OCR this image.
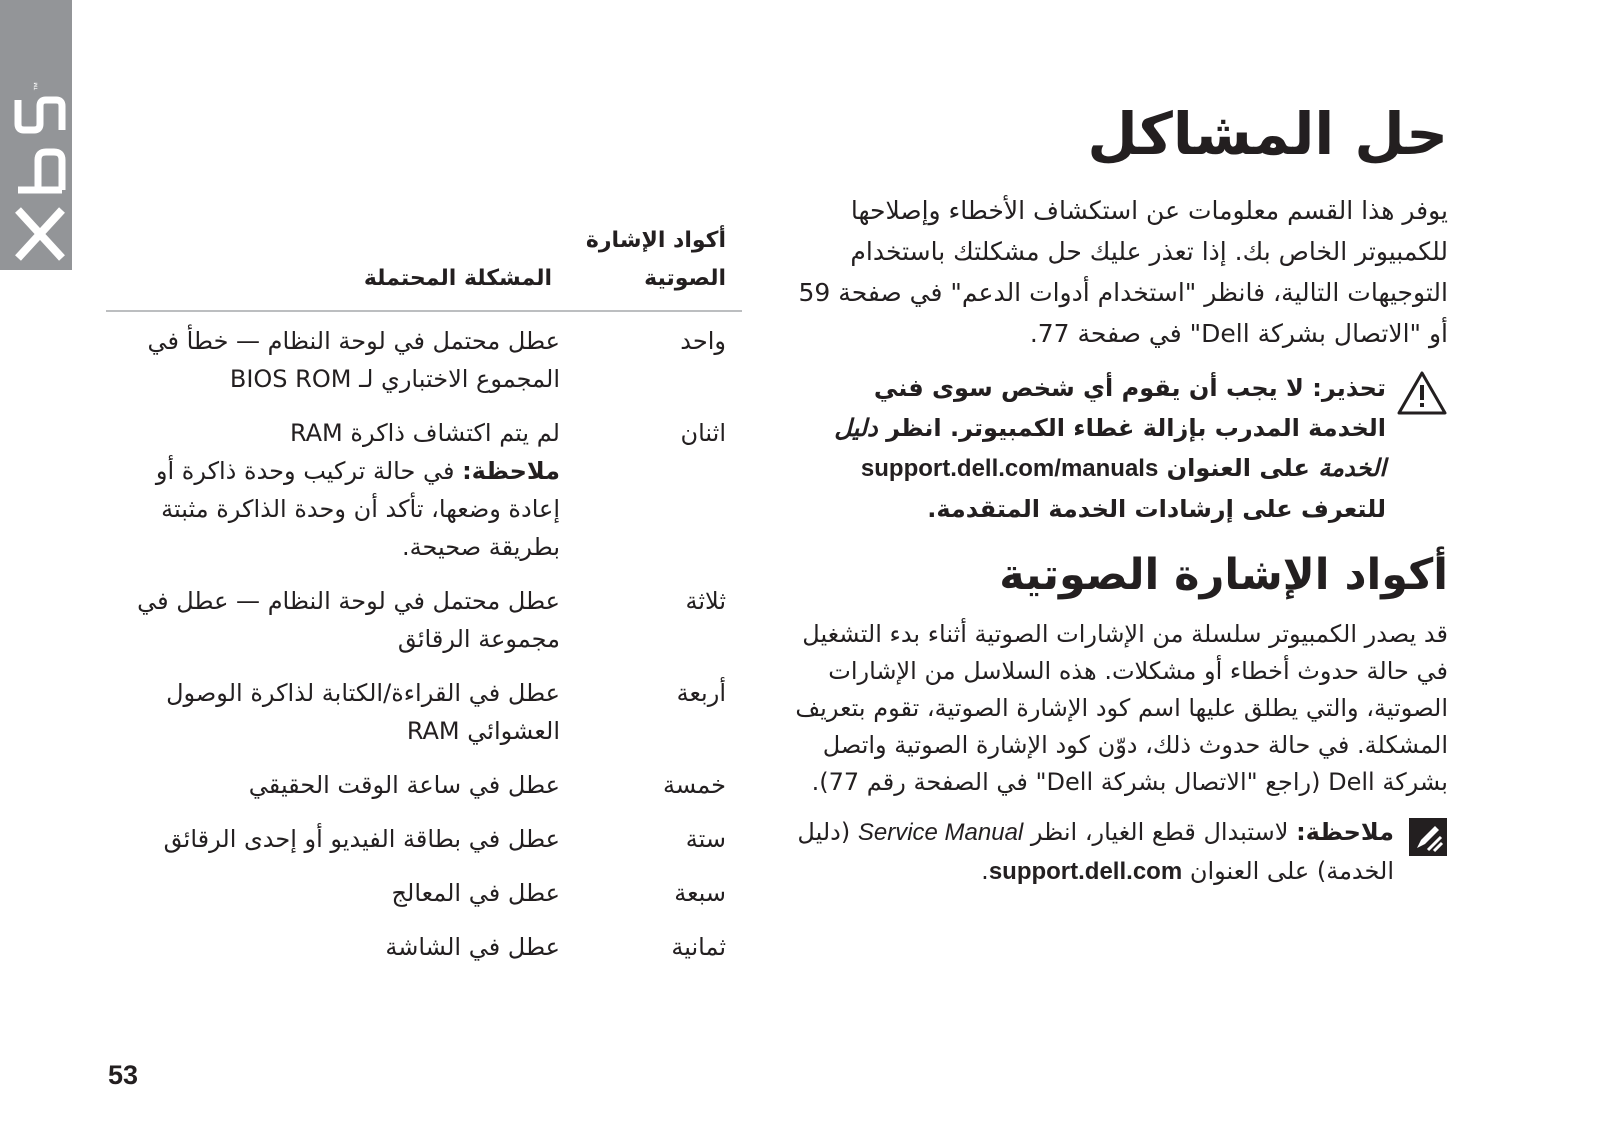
™
حل المشاكل

يوفر هذا القسم معلومات عن استكشاف الأخطاء وإصلاحها للكمبيوتر الخاص بك. إذا تعذر عليك حل مشكلتك باستخدام التوجيهات التالية، فانظر "استخدام أدوات الدعم" في صفحة 59 أو "الاتصال بشركة Dell" في صفحة 77.

تحذير: لا يجب أن يقوم أي شخص سوى فني الخدمة المدرب بإزالة غطاء الكمبيوتر. انظر دليل الخدمة على العنوان support.dell.com/manuals للتعرف على إرشادات الخدمة المتقدمة.

أكواد الإشارة الصوتية

قد يصدر الكمبيوتر سلسلة من الإشارات الصوتية أثناء بدء التشغيل في حالة حدوث أخطاء أو مشكلات. هذه السلاسل من الإشارات الصوتية، والتي يطلق عليها اسم كود الإشارة الصوتية، تقوم بتعريف المشكلة. في حالة حدوث ذلك، دوّن كود الإشارة الصوتية واتصل بشركة Dell (راجع "الاتصال بشركة Dell" في الصفحة رقم 77).

ملاحظة: لاستبدال قطع الغيار، انظر Service Manual (دليل الخدمة) على العنوان support.dell.com.

أكواد الإشارة
الصوتية	المشكلة المحتملة
واحد	عطل محتمل في لوحة النظام — خطأ في
المجموع الاختباري لـ BIOS ROM

اثنان	لم يتم اكتشاف ذاكرة RAM
ملاحظة: في حالة تركيب وحدة ذاكرة أو إعادة وضعها، تأكد أن وحدة الذاكرة مثبتة بطريقة صحيحة.

ثلاثة	عطل محتمل في لوحة النظام — عطل في
مجموعة الرقائق

أربعة	عطل في القراءة/الكتابة لذاكرة الوصول
العشوائي RAM

خمسة	عطل في ساعة الوقت الحقيقي

ستة	عطل في بطاقة الفيديو أو إحدى الرقائق

سبعة	عطل في المعالج

ثمانية	عطل في الشاشة
53
